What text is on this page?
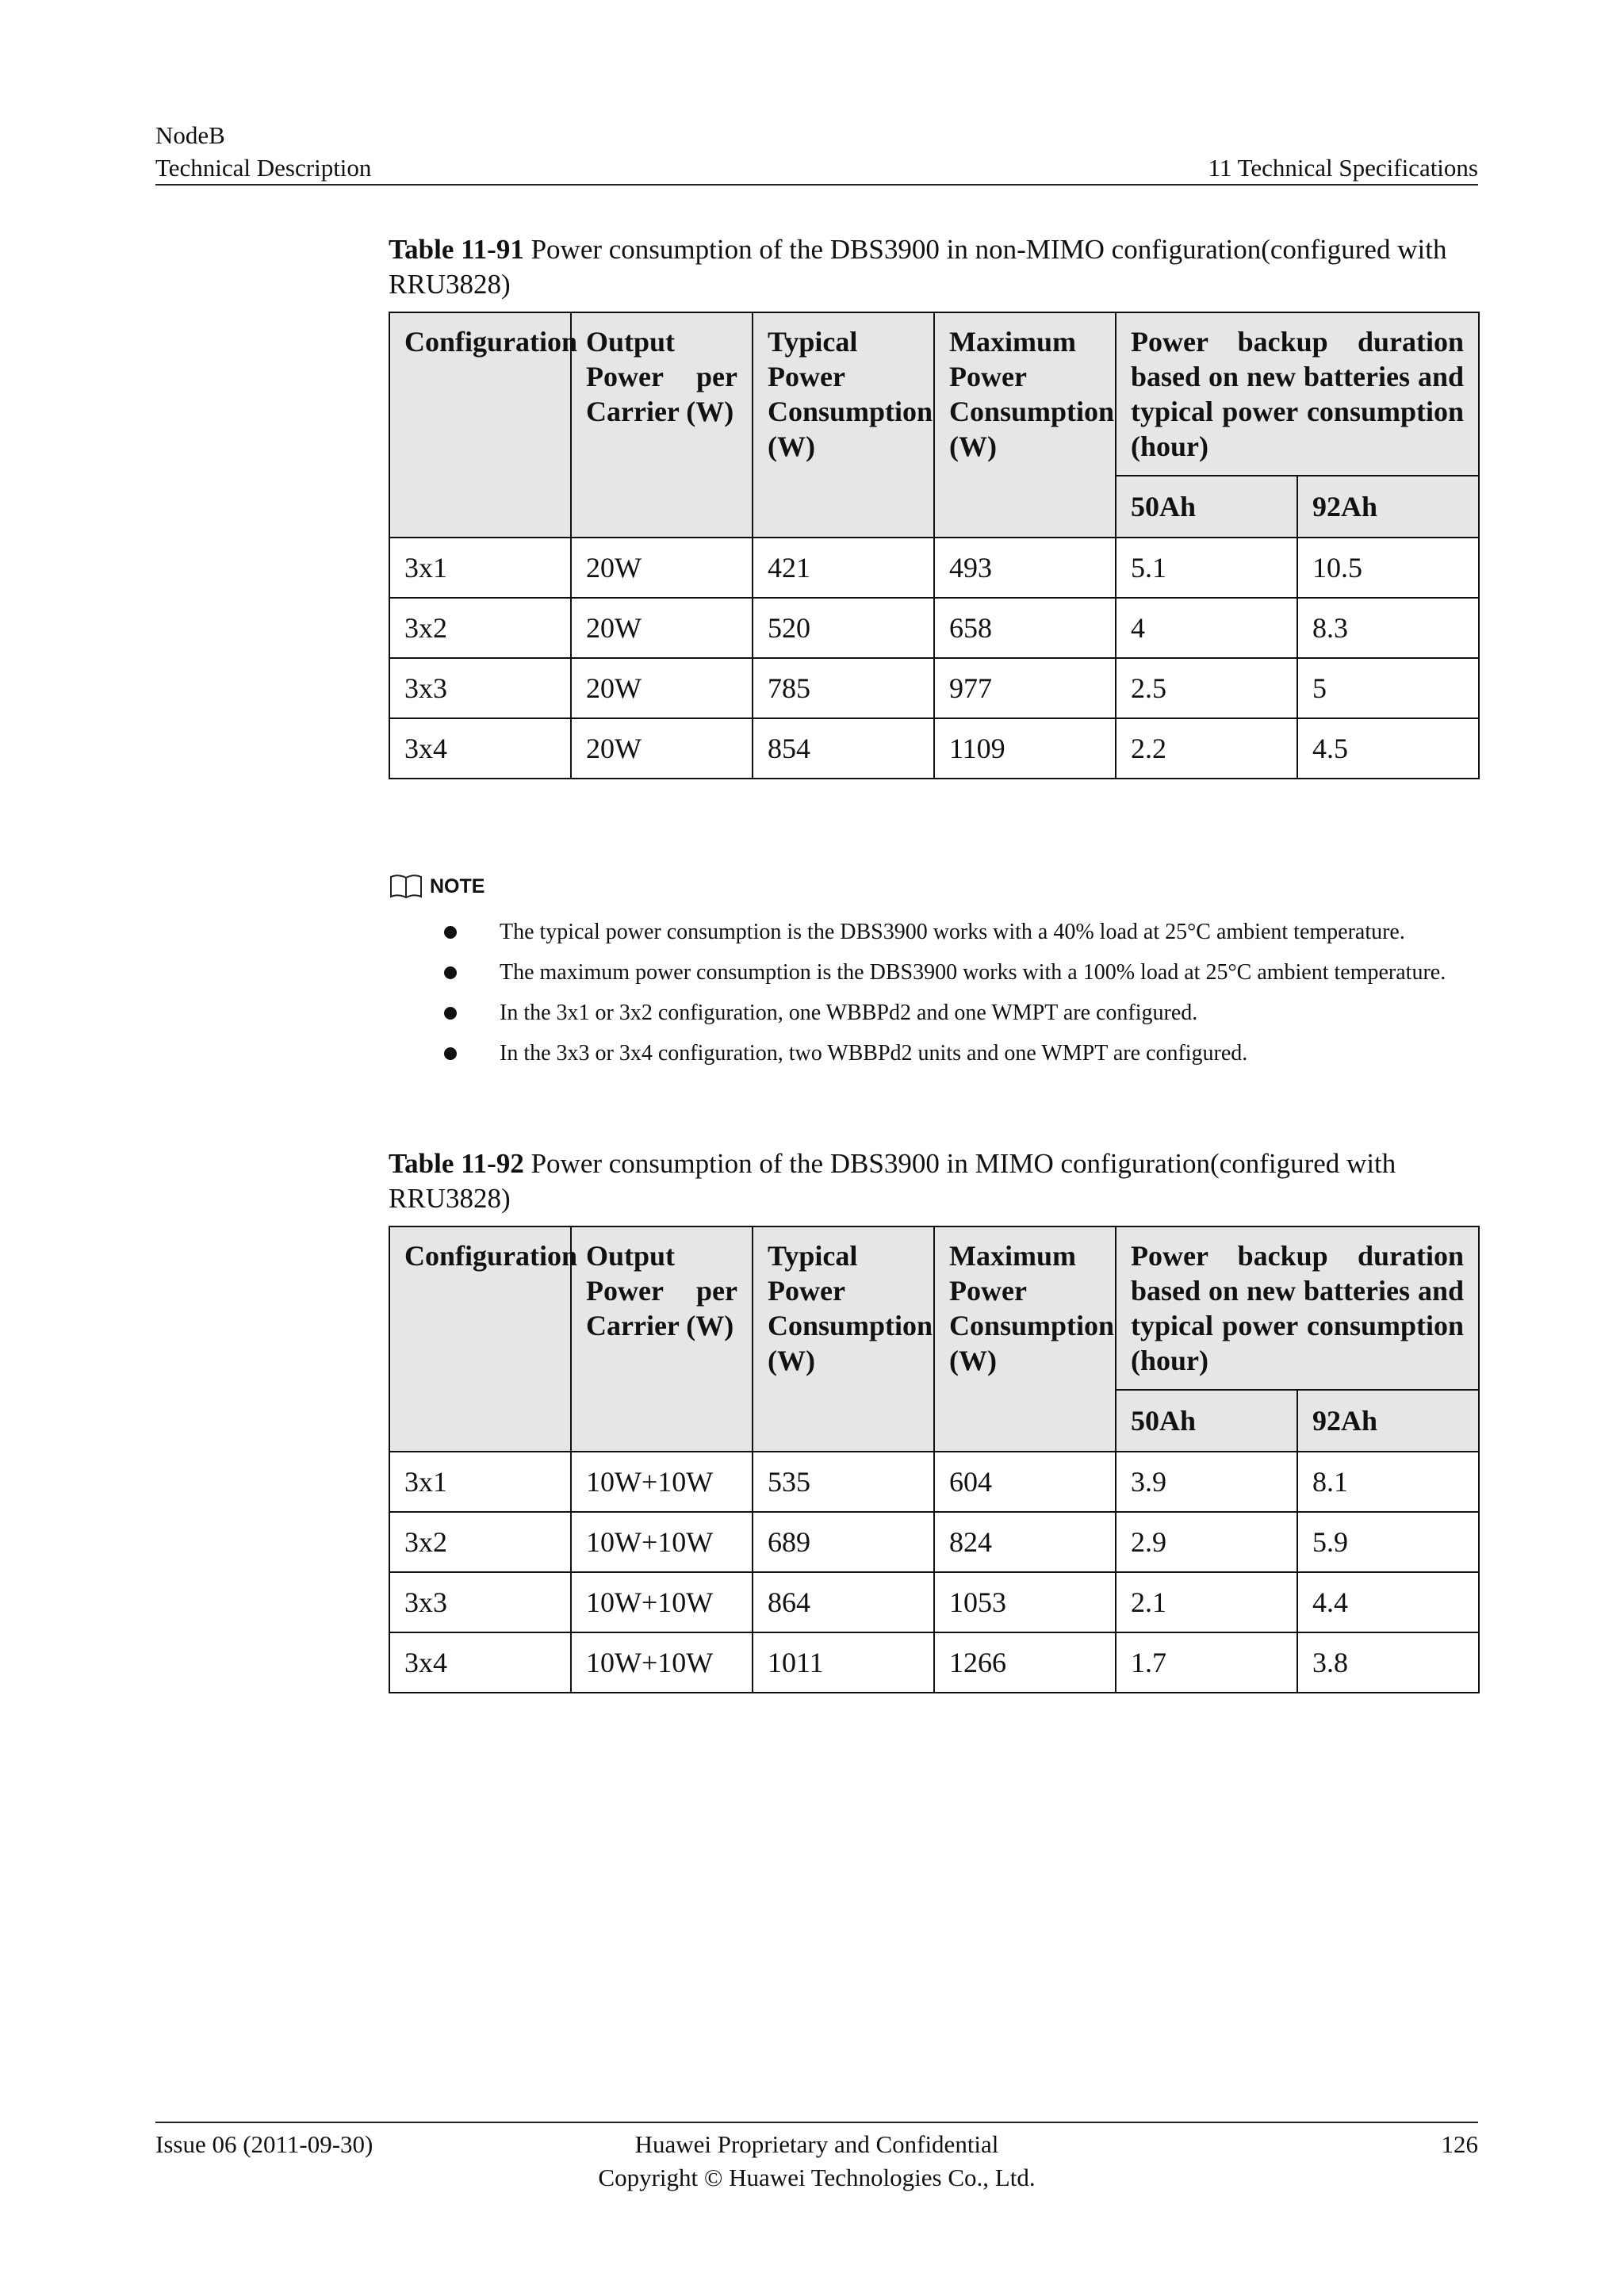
NodeB
Technical Description	11 Technical Specifications
Table 11-91 Power consumption of the DBS3900 in non-MIMO configuration(configured with RRU3828)
Configuration	Output Power per Carrier (W)	Typical Power Consumption (W)	Maximum Power Consumption (W)	Power backup duration based on new batteries and typical power consumption (hour)	
				50Ah	92Ah
3x1	20W	421	493	5.1	10.5
3x2	20W	520	658	4	8.3
3x3	20W	785	977	2.5	5
3x4	20W	854	1109	2.2	4.5
NOTE
The typical power consumption is the DBS3900 works with a 40% load at 25°C ambient temperature.
The maximum power consumption is the DBS3900 works with a 100% load at 25°C ambient temperature.
In the 3x1 or 3x2 configuration, one WBBPd2 and one WMPT are configured.
In the 3x3 or 3x4 configuration, two WBBPd2 units and one WMPT are configured.
Table 11-92 Power consumption of the DBS3900 in MIMO configuration(configured with RRU3828)
Configuration	Output Power per Carrier (W)	Typical Power Consumption (W)	Maximum Power Consumption (W)	Power backup duration based on new batteries and typical power consumption (hour)	
				50Ah	92Ah
3x1	10W+10W	535	604	3.9	8.1
3x2	10W+10W	689	824	2.9	5.9
3x3	10W+10W	864	1053	2.1	4.4
3x4	10W+10W	1011	1266	1.7	3.8
Issue 06 (2011-09-30)	Huawei Proprietary and Confidential
Copyright © Huawei Technologies Co., Ltd.
126
